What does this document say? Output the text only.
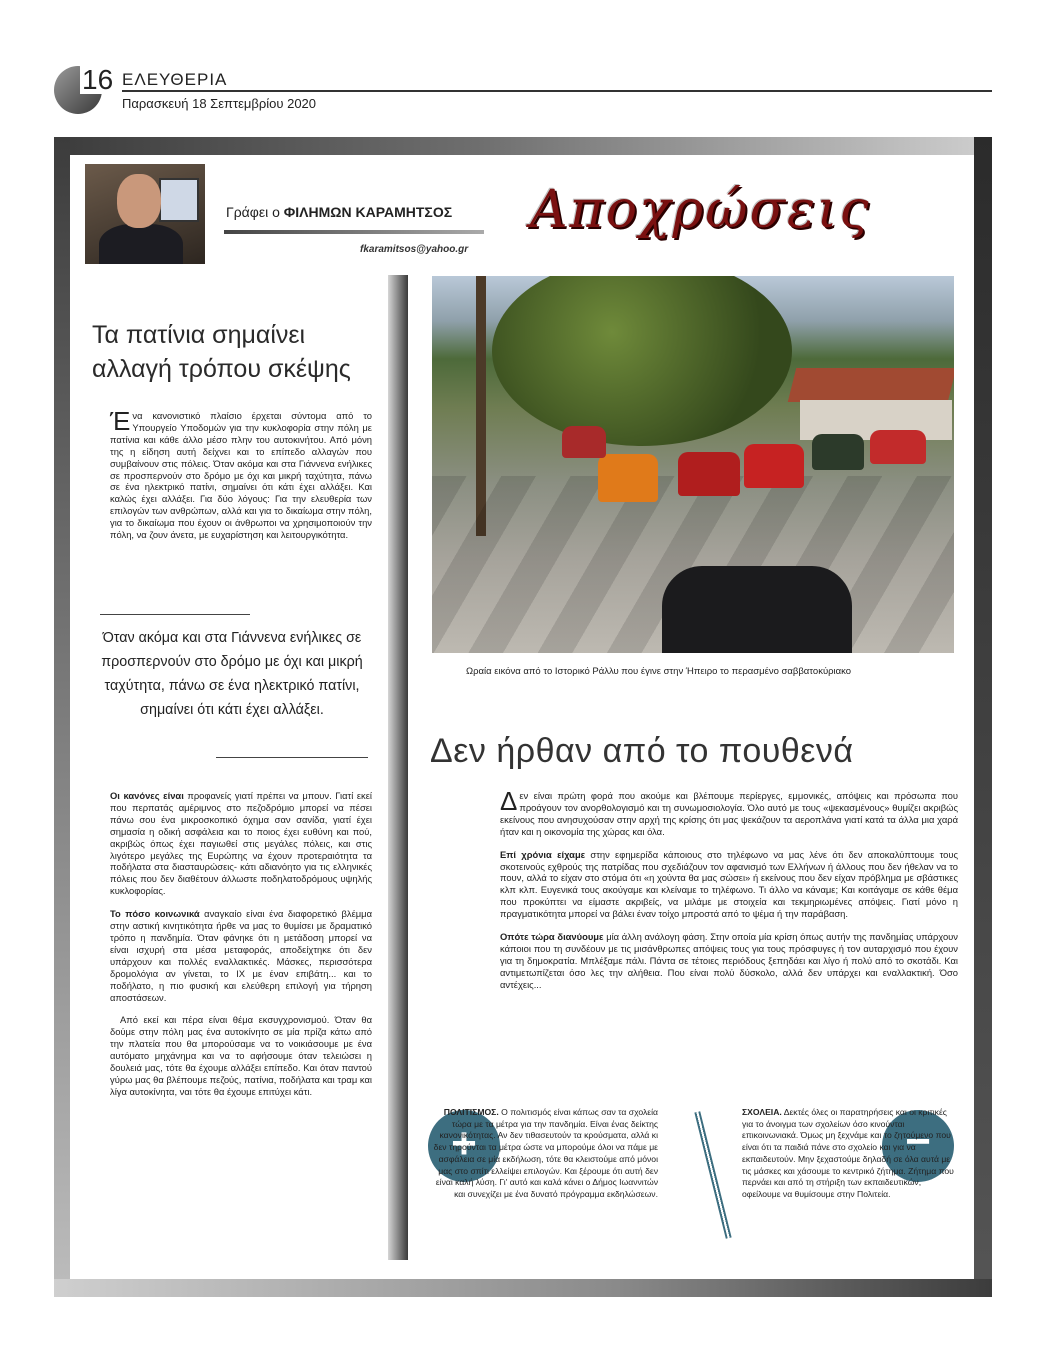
16 ΕΛΕΥΘΕΡΙΑ
Παρασκευή 18 Σεπτεμβρίου 2020
Γράφει ο ΦΙΛΗΜΩΝ ΚΑΡΑΜΗΤΣΟΣ
fkaramitsos@yahoo.gr
Αποχρώσεις
Τα πατίνια σημαίνει
αλλαγή τρόπου σκέψης

Ένα κανονιστικό πλαίσιο έρχεται σύντομα από το Υπουργείο Υποδομών για την κυκλοφορία στην πόλη με πατίνια και κάθε άλλο μέσο πλην του αυτοκινήτου. Από μόνη της η είδηση αυτή δείχνει και το επίπεδο αλλαγών που συμβαίνουν στις πόλεις. Όταν ακόμα και στα Γιάννενα ενήλικες σε προσπερνούν στο δρόμο με όχι και μικρή ταχύτητα, πάνω σε ένα ηλεκτρικό πατίνι, σημαίνει ότι κάτι έχει αλλάξει. Και καλώς έχει αλλάξει. Για δύο λόγους: Για την ελευθερία των επιλογών των ανθρώπων, αλλά και για το δικαίωμα στην πόλη, για το δικαίωμα που έχουν οι άνθρωποι να χρησιμοποιούν την πόλη, να ζουν άνετα, με ευχαρίστηση και λειτουργικότητα.

Όταν ακόμα και στα Γιάννενα ενήλικες σε προσπερνούν στο δρόμο με όχι και μικρή ταχύτητα, πάνω σε ένα ηλεκτρικό πατίνι, σημαίνει ότι κάτι έχει αλλάξει.

Οι κανόνες είναι προφανείς γιατί πρέπει να μπουν. Γιατί εκεί που περπατάς αμέριμνος στο πεζοδρόμιο μπορεί να πέσει πάνω σου ένα μικροσκοπικό όχημα σαν σανίδα, γιατί έχει σημασία η οδική ασφάλεια και το ποιος έχει ευθύνη και πού, ακριβώς όπως έχει παγιωθεί στις μεγάλες πόλεις, και στις λιγότερο μεγάλες της Ευρώπης να έχουν προτεραιότητα τα ποδήλατα στα διασταυρώσεις- κάτι αδιανόητο για τις ελληνικές πόλεις που δεν διαθέτουν άλλωστε ποδηλατοδρόμους υψηλής κυκλοφορίας.

Το πόσο κοινωνικά αναγκαίο είναι ένα διαφορετικό βλέμμα στην αστική κινητικότητα ήρθε να μας το θυμίσει με δραματικό τρόπο η πανδημία. Όταν φάνηκε ότι η μετάδοση μπορεί να είναι ισχυρή στα μέσα μεταφοράς, αποδείχτηκε ότι δεν υπάρχουν και πολλές εναλλακτικές. Μάσκες, περισσότερα δρομολόγια αν γίνεται, το ΙΧ με έναν επιβάτη... και το ποδήλατο, η πιο φυσική και ελεύθερη επιλογή για τήρηση αποστάσεων.

Από εκεί και πέρα είναι θέμα εκσυγχρονισμού. Όταν θα δούμε στην πόλη μας ένα αυτοκίνητο σε μία πρίζα κάτω από την πλατεία που θα μπορούσαμε να το νοικιάσουμε με ένα αυτόματο μηχάνημα και να το αφήσουμε όταν τελειώσει η δουλειά μας, τότε θα έχουμε αλλάξει επίπεδο. Και όταν παντού γύρω μας θα βλέπουμε πεζούς, πατίνια, ποδήλατα και τραμ και λίγα αυτοκίνητα, ναι τότε θα έχουμε επιτύχει κάτι.

Ωραία εικόνα από το Ιστορικό Ράλλυ που έγινε στην Ήπειρο το περασμένο σαββατοκύριακο
Δεν ήρθαν από το πουθενά

Δεν είναι πρώτη φορά που ακούμε και βλέπουμε περίεργες, εμμονικές, απόψεις και πρόσωπα που προάγουν τον ανορθολογισμό και τη συνωμοσιολογία. Όλο αυτό με τους «ψεκασμένους» θυμίζει ακριβώς εκείνους που ανησυχούσαν στην αρχή της κρίσης ότι μας ψεκάζουν τα αεροπλάνα γιατί κατά τα άλλα μια χαρά ήταν και η οικονομία της χώρας και όλα.

Επί χρόνια είχαμε στην εφημερίδα κάποιους στο τηλέφωνο να μας λένε ότι δεν αποκαλύπτουμε τους σκοτεινούς εχθρούς της πατρίδας που σχεδιάζουν τον αφανισμό των Ελλήνων ή άλλους που δεν ήθελαν να το πουν, αλλά το είχαν στο στόμα ότι «η χούντα θα μας σώσει» ή εκείνους που δεν είχαν πρόβλημα με σβάστικες κλπ κλπ. Ευγενικά τους ακούγαμε και κλείναμε το τηλέφωνο. Τι άλλο να κάναμε; Και κοιτάγαμε σε κάθε θέμα που προκύπτει να είμαστε ακριβείς, να μιλάμε με στοιχεία και τεκμηριωμένες απόψεις. Γιατί μόνο η πραγματικότητα μπορεί να βάλει έναν τοίχο μπροστά από το ψέμα ή την παράβαση.

Οπότε τώρα διανύουμε μία άλλη ανάλογη φάση. Στην οποία μία κρίση όπως αυτήν της πανδημίας υπάρχουν κάποιοι που τη συνδέουν με τις μισάνθρωπες απόψεις τους για τους πρόσφυγες ή τον αυταρχισμό που έχουν για τη δημοκρατία. Μπλέξαμε πάλι. Πάντα σε τέτοιες περιόδους ξεπηδάει και λίγο ή πολύ από το σκοτάδι. Και αντιμετωπίζεται όσο λες την αλήθεια. Που είναι πολύ δύσκολο, αλλά δεν υπάρχει και εναλλακτική. Όσο αντέχεις...

+
ΠΟΛΙΤΙΣΜΟΣ. Ο πολιτισμός είναι κάπως σαν τα σχολεία τώρα με τα μέτρα για την πανδημία. Είναι ένας δείκτης κανονικότητας. Αν δεν τιθασευτούν τα κρούσματα, αλλά κι δεν τηρούνται τα μέτρα ώστε να μπορούμε όλοι να πάμε με ασφάλεια σε μία εκδήλωση, τότε θα κλειστούμε από μόνοι μας στο σπίτι ελλείψει επιλογών. Και ξέρουμε ότι αυτή δεν είναι καλή λύση. Γι' αυτό και καλά κάνει ο Δήμος Ιωαννιτών και συνεχίζει με ένα δυνατό πρόγραμμα εκδηλώσεων.
−
ΣΧΟΛΕΙΑ. Δεκτές όλες οι παρατηρήσεις και οι κριτικές για το άνοιγμα των σχολείων όσο κινούνται επικοινωνιακά. Όμως μη ξεχνάμε και το ζητούμενο που είναι ότι τα παιδιά πάνε στο σχολείο και για να εκπαιδευτούν. Μην ξεχαστούμε δηλαδή σε όλα αυτά με τις μάσκες και χάσουμε το κεντρικό ζήτημα. Ζήτημα που περνάει και από τη στήριξη των εκπαιδευτικών, οφείλουμε να θυμίσουμε στην Πολιτεία.
